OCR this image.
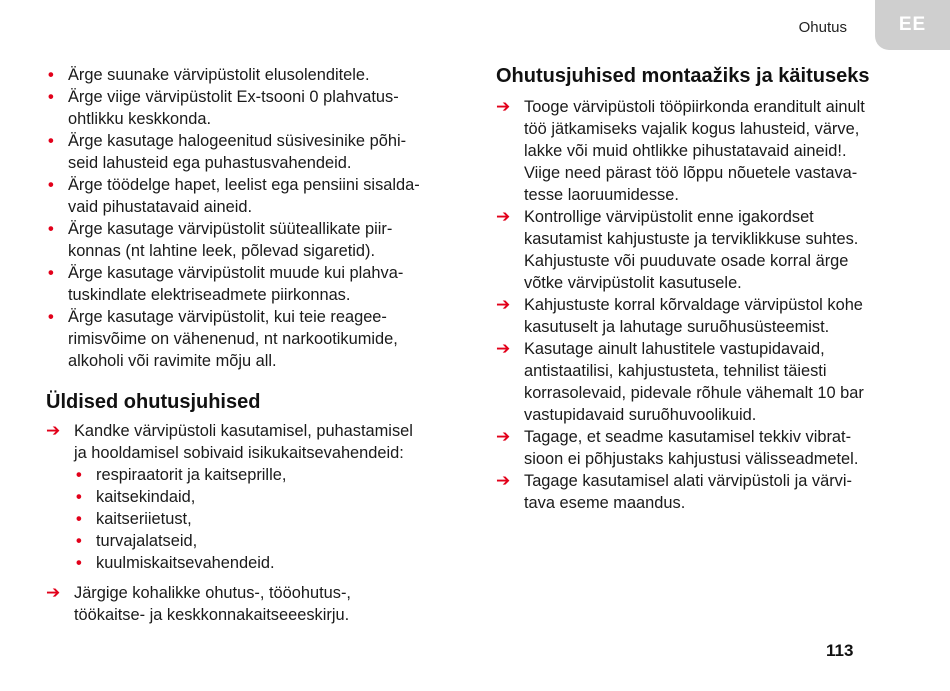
Ohutus	EE
• Ärge suunake värvipüstolit elusolenditele.
• Ärge viige värvipüstolit Ex-tsooni 0 plahvatus-
ohtlikku keskkonda.
• Ärge kasutage halogeenitud süsivesinike põhi-
seid lahusteid ega puhastusvahendeid.
• Ärge töödelge hapet, leelist ega pensiini sisalda-
vaid pihustatavaid aineid.
• Ärge kasutage värvipüstolit süüteallikate piir-
konnas (nt lahtine leek, põlevad sigaretid).
• Ärge kasutage värvipüstolit muude kui plahva-
tuskindlate elektriseadmete piirkonnas.
• Ärge kasutage värvipüstolit, kui teie reagee-
rimisvõime on vähenenud, nt narkootikumide,
alkoholi või ravimite mõju all.
Üldised ohutusjuhised
➔ Kandke värvipüstoli kasutamisel, puhastamisel
ja hooldamisel sobivaid isikukaitsevahendeid:
• respiraatorit ja kaitseprille,
• kaitsekindaid,
• kaitseriietust,
• turvajalatseid,
• kuulmiskaitsevahendeid.
➔ Järgige kohalikke ohutus-, tööohutus-,
töökaitse- ja keskkonnakaitseeeskirju.
Ohutusjuhised montaažiks ja käituseks
➔ Tooge värvipüstoli tööpiirkonda eranditult ainult
töö jätkamiseks vajalik kogus lahusteid, värve,
lakke või muid ohtlikke pihustatavaid aineid!.
Viige need pärast töö lõppu nõuetele vastava-
tesse laoruumidesse.
➔ Kontrollige värvipüstolit enne igakordset
kasutamist kahjustuste ja terviklikkuse suhtes.
Kahjustuste või puuduvate osade korral ärge
võtke värvipüstolit kasutusele.
➔ Kahjustuste korral kõrvaldage värvipüstol kohe
kasutuselt ja lahutage suruõhusüsteemist.
➔ Kasutage ainult lahustitele vastupidavaid,
antistaatilisi, kahjustusteta, tehnilist täiesti
korrasolevaid, pidevale rõhule vähemalt 10 bar
vastupidavaid suruõhuvoolikuid.
➔ Tagage, et seadme kasutamisel tekkiv vibrat-
sioon ei põhjustaks kahjustusi välisseadmetel.
➔ Tagage kasutamisel alati värvipüstoli ja värvi-
tava eseme maandus.
113
